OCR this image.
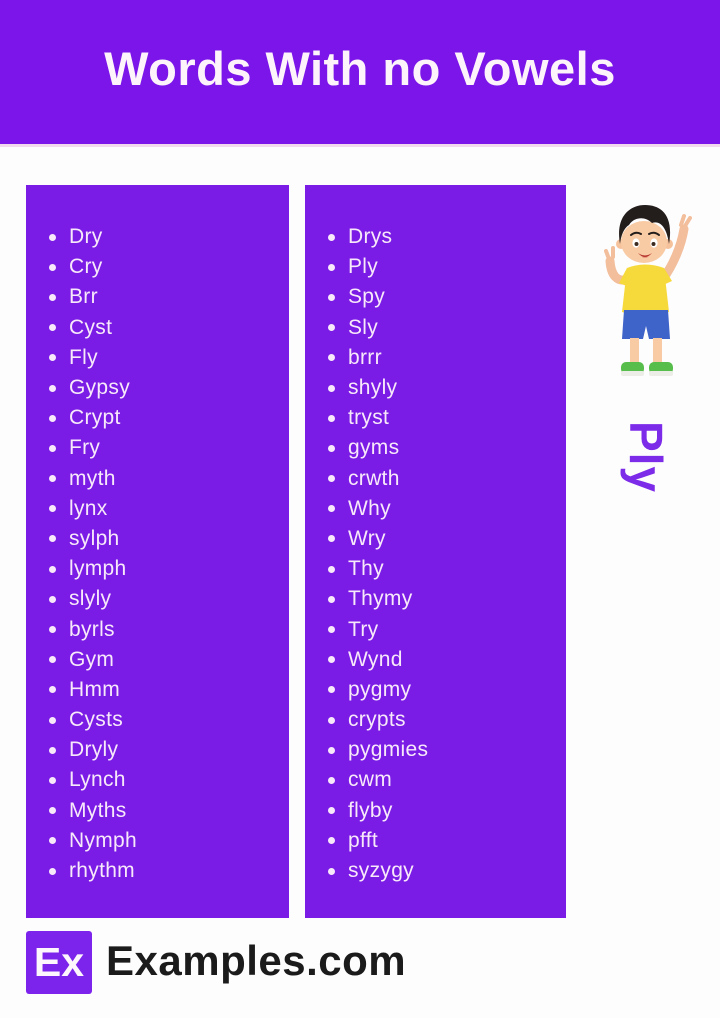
Words With no Vowels
Dry
Cry
Brr
Cyst
Fly
Gypsy
Crypt
Fry
myth
lynx
sylph
lymph
slyly
byrls
Gym
Hmm
Cysts
Dryly
Lynch
Myths
Nymph
rhythm
Drys
Ply
Spy
Sly
brrr
shyly
tryst
gyms
crwth
Why
Wry
Thy
Thymy
Try
Wynd
pygmy
crypts
pygmies
cwm
flyby
pfft
syzygy
Ply
Ex Examples.com
